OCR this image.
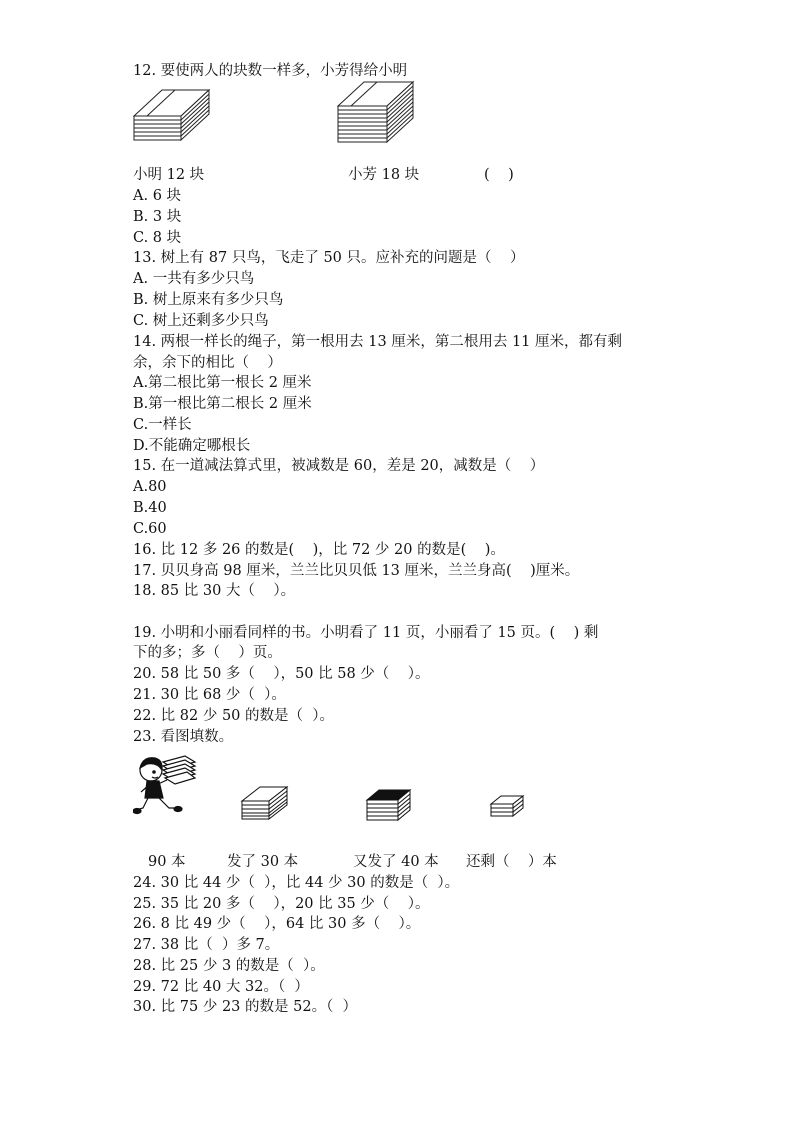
12. 要使两人的块数一样多，小芳得给小明
小明 12 块	小芳 18 块	(    )
A. 6 块
B. 3 块
C. 8 块
13. 树上有 87 只鸟，飞走了 50 只。应补充的问题是（    ）
A. 一共有多少只鸟
B. 树上原来有多少只鸟
C. 树上还剩多少只鸟
14. 两根一样长的绳子，第一根用去 13 厘米，第二根用去 11 厘米，都有剩
余，余下的相比（    ）
A.第二根比第一根长 2 厘米
B.第一根比第二根长 2 厘米
C.一样长
D.不能确定哪根长
15. 在一道减法算式里，被减数是 60，差是 20，减数是（    ）
A.80
B.40
C.60
16. 比 12 多 26 的数是(    )，比 72 少 20 的数是(    )。
17. 贝贝身高 98 厘米，兰兰比贝贝低 13 厘米，兰兰身高(    )厘米。
18. 85 比 30 大（    ）。
19. 小明和小丽看同样的书。小明看了 11 页，小丽看了 15 页。(    ) 剩
下的多；多（    ）页。
20. 58 比 50 多（    ），50 比 58 少（    ）。
21. 30 比 68 少（  ）。
22. 比 82 少 50 的数是（  ）。
23. 看图填数。
90 本	发了 30 本	又发了 40 本 还剩（    ）本
24. 30 比 44 少（  ），比 44 少 30 的数是（  ）。
25. 35 比 20 多（    ），20 比 35 少（    ）。
26. 8 比 49 少（    ），64 比 30 多（    ）。
27. 38 比（  ）多 7。
28. 比 25 少 3 的数是（  ）。
29. 72 比 40 大 32。（  ）
30. 比 75 少 23 的数是 52。（  ）
